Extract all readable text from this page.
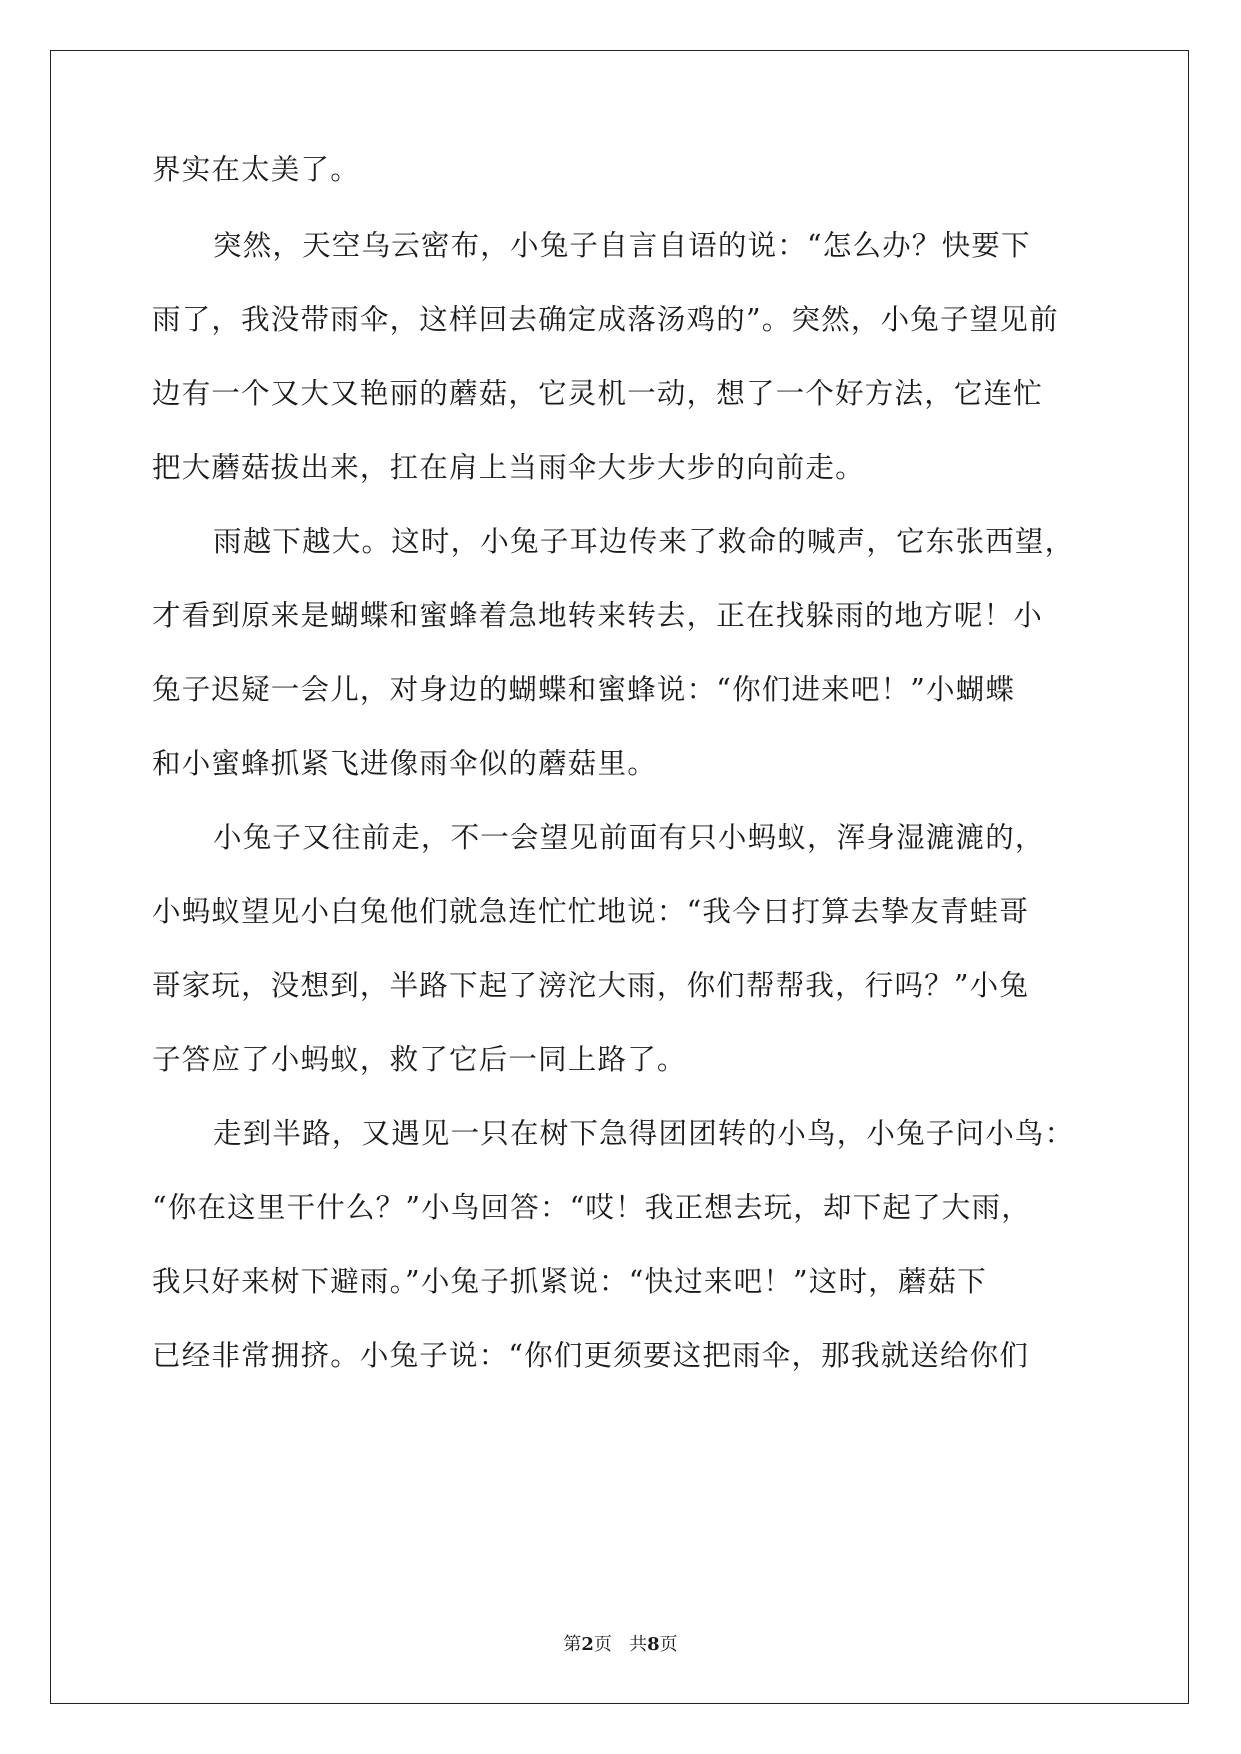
界实在太美了。
突然，天空乌云密布，小兔子自言自语的说：“怎么办？快要下
雨了，我没带雨伞，这样回去确定成落汤鸡的”。突然，小兔子望见前
边有一个又大又艳丽的蘑菇，它灵机一动，想了一个好方法，它连忙
把大蘑菇拔出来，扛在肩上当雨伞大步大步的向前走。
雨越下越大。这时，小兔子耳边传来了救命的喊声，它东张西望，
才看到原来是蝴蝶和蜜蜂着急地转来转去，正在找躲雨的地方呢！小
兔子迟疑一会儿，对身边的蝴蝶和蜜蜂说：“你们进来吧！”小蝴蝶
和小蜜蜂抓紧飞进像雨伞似的蘑菇里。
小兔子又往前走，不一会望见前面有只小蚂蚁，浑身湿漉漉的，
小蚂蚁望见小白兔他们就急连忙忙地说：“我今日打算去挚友青蛙哥
哥家玩，没想到，半路下起了滂沱大雨，你们帮帮我，行吗？”小兔
子答应了小蚂蚁，救了它后一同上路了。
走到半路，又遇见一只在树下急得团团转的小鸟，小兔子问小鸟：
“你在这里干什么？”小鸟回答：“哎！我正想去玩，却下起了大雨，
我只好来树下避雨。”小兔子抓紧说：“快过来吧！”这时，蘑菇下
已经非常拥挤。小兔子说：“你们更须要这把雨伞，那我就送给你们
第2页 共8页
